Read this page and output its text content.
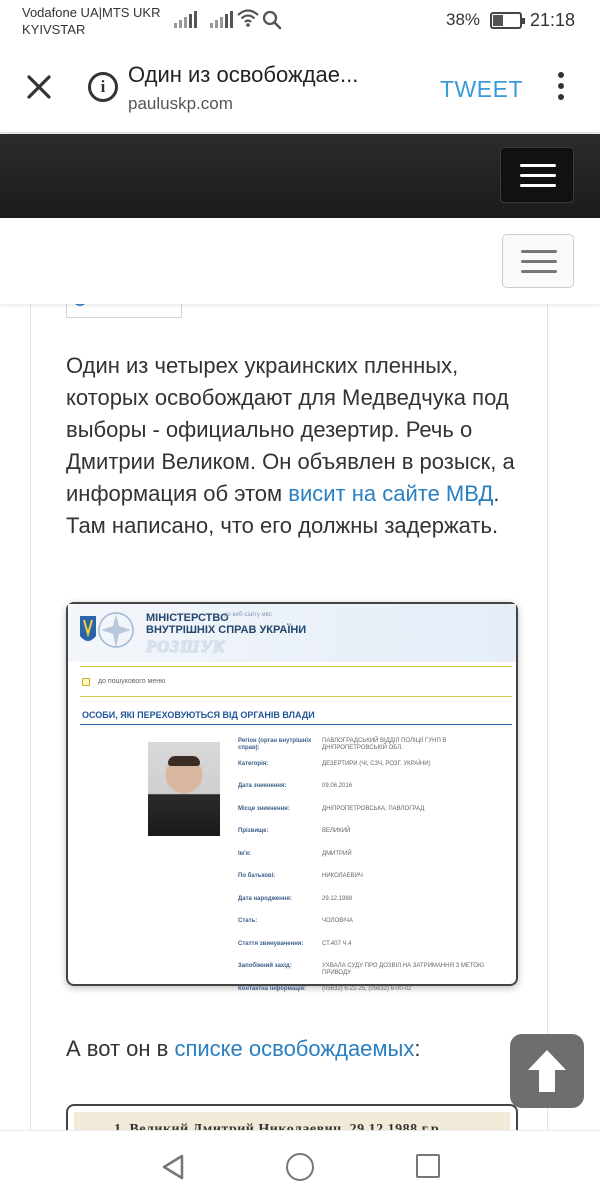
Vodafone UA|MTS UKR
KYIVSTAR
38%	21:18
i	Один из освобождае...
pauluskp.com
TWEET

Один из четырех украинских пленных, которых освобождают для Медведчука под выборы - официально дезертир. Речь о Дмитрии Великом. Он объявлен в розыск, а информация об этом висит на сайте МВД. Там написано, что его должны задержать.

МІНІСТЕРСТВО
ВНУТРІШНІХ СПРАВ УКРАЇНИ
до веб-сайту мвс
РОЗШУК
до пошукового меню
ОСОБИ, ЯКІ ПЕРЕХОВУЮТЬСЯ ВІД ОРГАНІВ ВЛАДИ
Регіон (орган внутрішніх справ):
ПАВЛОГРАДСЬКИЙ ВІДДІЛ ПОЛІЦІЇ ГУНП В ДНІПРОПЕТРОВСЬКІЙ ОБЛ.
Категорія:	ДЕЗЕРТИРИ (ЧІ, СЗЧ, РОЗГ. УКРАЇНИ)
Дата зникнення:	09.06.2016
Місце зникнення:	ДНІПРОПЕТРОВСЬКА, ПАВЛОГРАД
Прізвище:	ВЕЛИКИЙ
Ім'я:	ДМИТРИЙ
По батькові:	НИКОЛАЕВИЧ
Дата народження:	29.12.1988
Стать:	ЧОЛОВІЧА
Стаття звинувачення:	СТ.407 Ч.4
Запобіжний захід:	УХВАЛА СУДУ ПРО ДОЗВІЛ НА ЗАТРИМАННЯ З МЕТОЮ ПРИВОДУ
Контактна інформація:	(05632) 6-22-25, (05632) 6-00-02

А вот он в списке освобождаемых:
